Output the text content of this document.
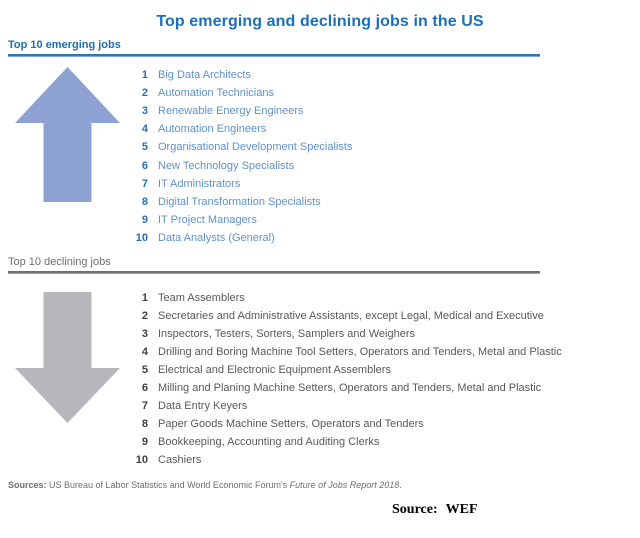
Top emerging and declining jobs in the US
Top 10 emerging jobs
1 Big Data Architects
2 Automation Technicians
3 Renewable Energy Engineers
4 Automation Engineers
5 Organisational Development Specialists
6 New Technology Specialists
7 IT Administrators
8 Digital Transformation Specialists
9 IT Project Managers
10 Data Analysts (General)
Top 10 declining jobs
1 Team Assemblers
2 Secretaries and Administrative Assistants, except Legal, Medical and Executive
3 Inspectors, Testers, Sorters, Samplers and Weighers
4 Drilling and Boring Machine Tool Setters, Operators and Tenders, Metal and Plastic
5 Electrical and Electronic Equipment Assemblers
6 Milling and Planing Machine Setters, Operators and Tenders, Metal and Plastic
7 Data Entry Keyers
8 Paper Goods Machine Setters, Operators and Tenders
9 Bookkeeping, Accounting and Auditing Clerks
10 Cashiers
Sources: US Bureau of Labor Statistics and World Economic Forum's Future of Jobs Report 2018.
Source: WEF
